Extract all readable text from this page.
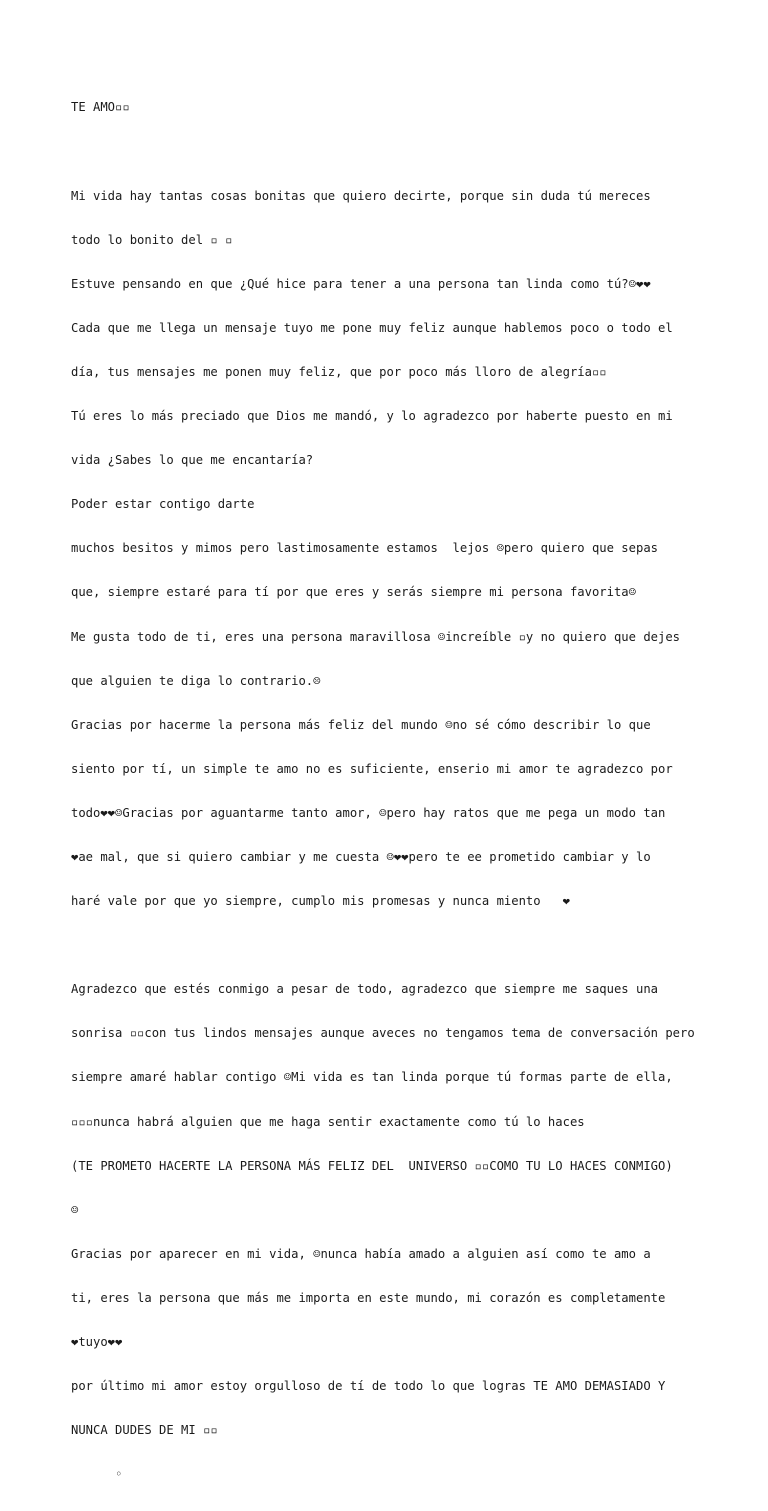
TE AMO▫▫

Mi vida hay tantas cosas bonitas que quiero decirte, porque sin duda tú mereces

todo lo bonito del ▫ ▫

Estuve pensando en que ¿Qué hice para tener a una persona tan linda como tú?☺❤❤

Cada que me llega un mensaje tuyo me pone muy feliz aunque hablemos poco o todo el

día, tus mensajes me ponen muy feliz, que por poco más lloro de alegría▫▫

Tú eres lo más preciado que Dios me mandó, y lo agradezco por haberte puesto en mi

vida ¿Sabes lo que me encantaría?

Poder estar contigo darte

muchos besitos y mimos pero lastimosamente estamos  lejos ☹pero quiero que sepas

que, siempre estaré para tí por que eres y serás siempre mi persona favorita☺

Me gusta todo de ti, eres una persona maravillosa ☺increíble ▫y no quiero que dejes

que alguien te diga lo contrario.☹

Gracias por hacerme la persona más feliz del mundo ☺no sé cómo describir lo que

siento por tí, un simple te amo no es suficiente, enserio mi amor te agradezco por

todo❤❤☺Gracias por aguantarme tanto amor, ☺pero hay ratos que me pega un modo tan

❤ae mal, que si quiero cambiar y me cuesta ☺❤❤pero te ee prometido cambiar y lo

haré vale por que yo siempre, cumplo mis promesas y nunca miento   ❤

Agradezco que estés conmigo a pesar de todo, agradezco que siempre me saques una

sonrisa ▫▫con tus lindos mensajes aunque aveces no tengamos tema de conversación pero

siempre amaré hablar contigo ☺Mi vida es tan linda porque tú formas parte de ella,

▫▫▫nunca habrá alguien que me haga sentir exactamente como tú lo haces

(TE PROMETO HACERTE LA PERSONA MÁS FELIZ DEL  UNIVERSO ▫▫COMO TU LO HACES CONMIGO)

☺

Gracias por aparecer en mi vida, ☺nunca había amado a alguien así como te amo a

ti, eres la persona que más me importa en este mundo, mi corazón es completamente

❤tuyo❤❤

por último mi amor estoy orgulloso de tí de todo lo que logras TE AMO DEMASIADO Y

NUNCA DUDES DE MI ▫▫

◦
